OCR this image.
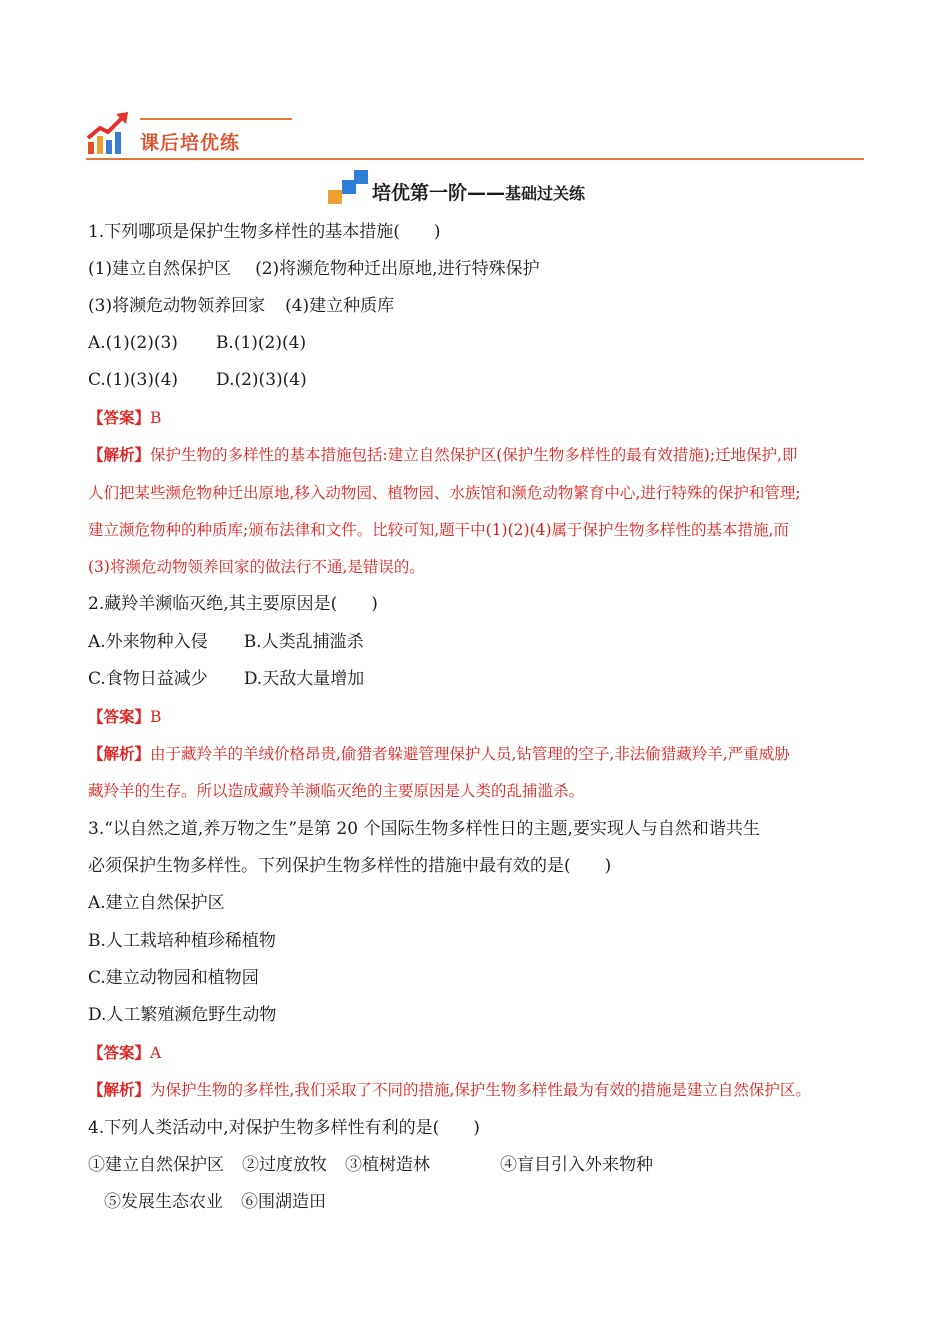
课后培优练
培优第一阶—— 基础过关练
1.下列哪项是保护生物多样性的基本措施(　　)
(1)建立自然保护区 (2)将濒危物种迁出原地,进行特殊保护
(3)将濒危动物领养回家 (4)建立种质库
A.(1)(2)(3) B.(1)(2)(4)
C.(1)(3)(4) D.(2)(3)(4)
【答案】B
【解析】保护生物的多样性的基本措施包括:建立自然保护区(保护生物多样性的最有效措施);迁地保护,即
人们把某些濒危物种迁出原地,移入动物园、植物园、水族馆和濒危动物繁育中心,进行特殊的保护和管理;
建立濒危物种的种质库;颁布法律和文件。比较可知,题干中(1)(2)(4)属于保护生物多样性的基本措施,而
(3)将濒危动物领养回家的做法行不通,是错误的。
2.藏羚羊濒临灭绝,其主要原因是(　　)
A.外来物种入侵 B.人类乱捕滥杀
C.食物日益减少 D.天敌大量增加
【答案】B
【解析】由于藏羚羊的羊绒价格昂贵,偷猎者躲避管理保护人员,钻管理的空子,非法偷猎藏羚羊,严重威胁
藏羚羊的生存。所以造成藏羚羊濒临灭绝的主要原因是人类的乱捕滥杀。
3.“以自然之道,养万物之生”是第 20 个国际生物多样性日的主题,要实现人与自然和谐共生
必须保护生物多样性。下列保护生物多样性的措施中最有效的是(　　)
A.建立自然保护区
B.人工栽培种植珍稀植物
C.建立动物园和植物园
D.人工繁殖濒危野生动物
【答案】A
【解析】为保护生物的多样性,我们采取了不同的措施,保护生物多样性最为有效的措施是建立自然保护区。
4.下列人类活动中,对保护生物多样性有利的是(　　)
①建立自然保护区 ②过度放牧 ③植树造林	④盲目引入外来物种
⑤发展生态农业 ⑥围湖造田
